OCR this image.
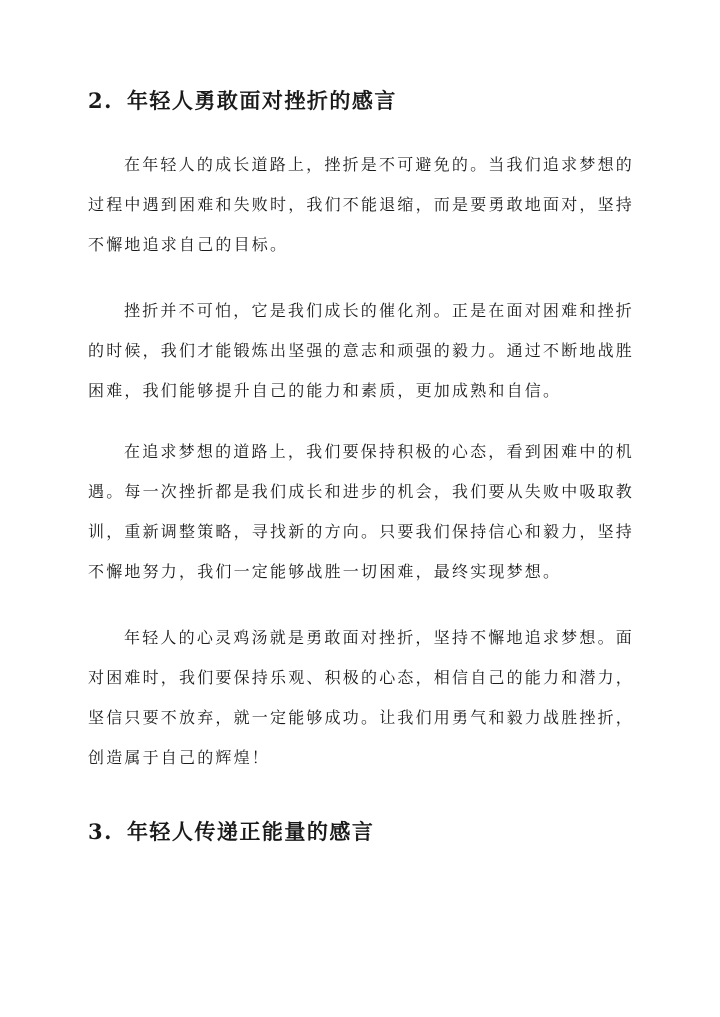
2. 年轻人勇敢面对挫折的感言

在年轻人的成长道路上，挫折是不可避免的。当我们追求梦想的过程中遇到困难和失败时，我们不能退缩，而是要勇敢地面对，坚持不懈地追求自己的目标。

挫折并不可怕，它是我们成长的催化剂。正是在面对困难和挫折的时候，我们才能锻炼出坚强的意志和顽强的毅力。通过不断地战胜困难，我们能够提升自己的能力和素质，更加成熟和自信。

在追求梦想的道路上，我们要保持积极的心态，看到困难中的机遇。每一次挫折都是我们成长和进步的机会，我们要从失败中吸取教训，重新调整策略，寻找新的方向。只要我们保持信心和毅力，坚持不懈地努力，我们一定能够战胜一切困难，最终实现梦想。

年轻人的心灵鸡汤就是勇敢面对挫折，坚持不懈地追求梦想。面对困难时，我们要保持乐观、积极的心态，相信自己的能力和潜力，坚信只要不放弃，就一定能够成功。让我们用勇气和毅力战胜挫折，创造属于自己的辉煌！

3. 年轻人传递正能量的感言
